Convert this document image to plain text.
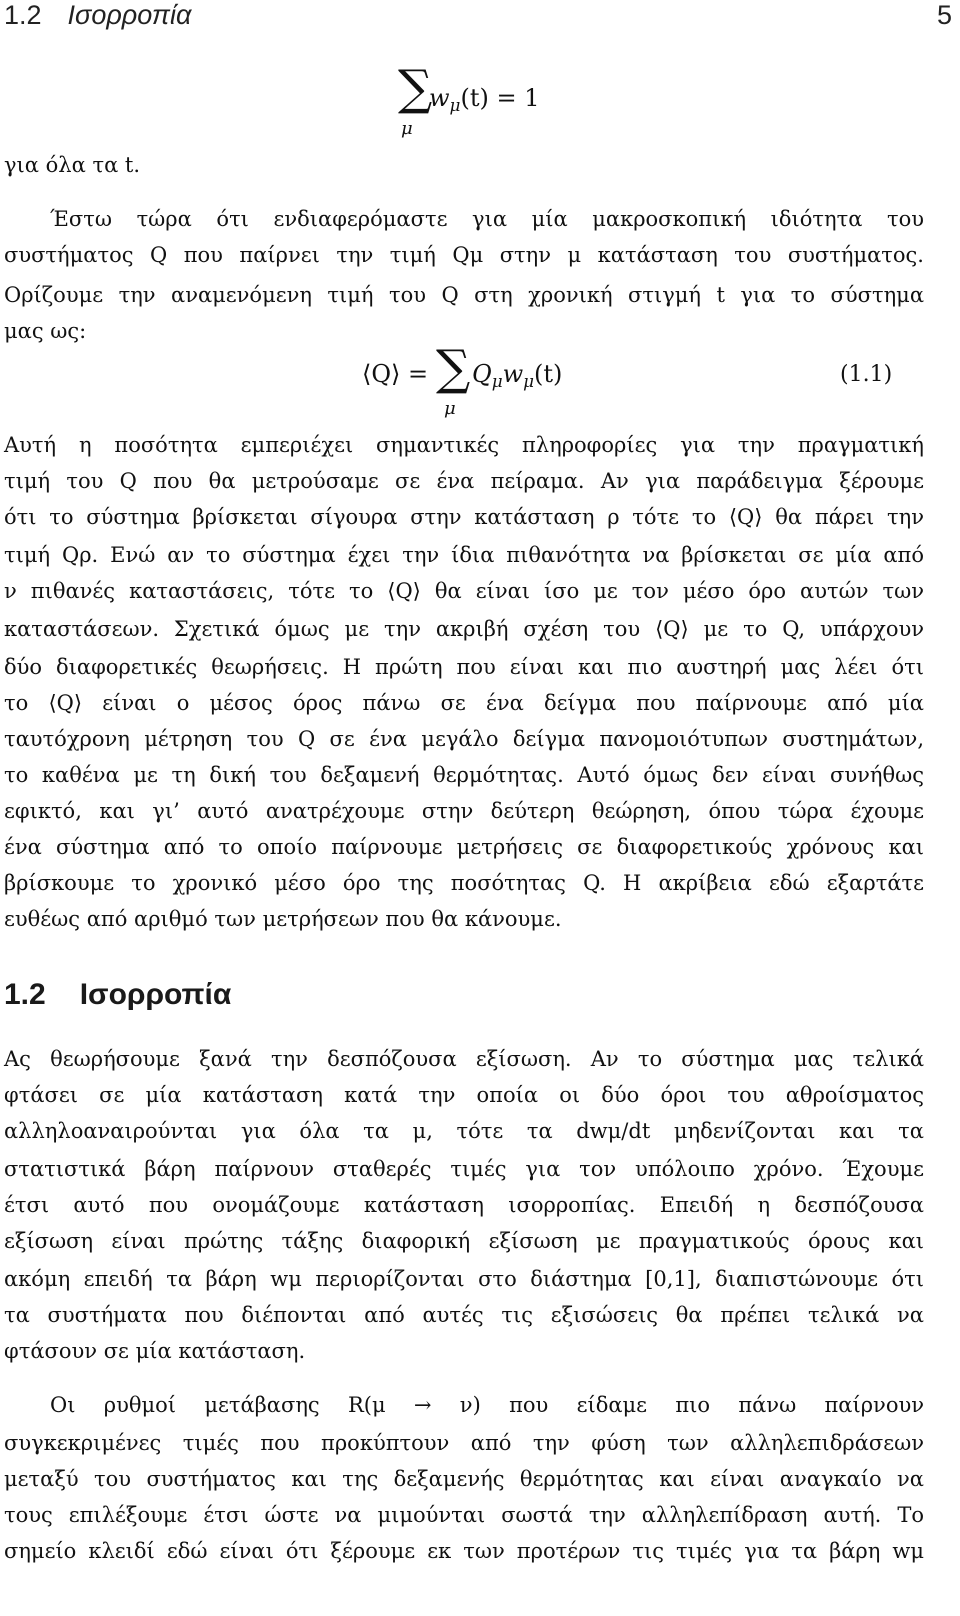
1.2 Ισορροπία	5
∑
μ
$w_\mu(t) = 1$
για όλα τα t.
Έστω τώρα ότι ενδιαφερόμαστε για μία μακροσκοπική ιδιότητα του
συστήματος Q που παίρνει την τιμή Qμ στην μ κατάσταση του συστήματος.
Ορίζουμε την αναμενόμενη τιμή του Q στη χρονική στιγμή t για το σύστημα
μας ως:
⟨Q⟩ = ∑
μ
$Q_\mu w_\mu(t)$	(1.1)
Αυτή η ποσότητα εμπεριέχει σημαντικές πληροφορίες για την πραγματική
τιμή του Q που θα μετρούσαμε σε ένα πείραμα. Αν για παράδειγμα ξέρουμε
ότι το σύστημα βρίσκεται σίγουρα στην κατάσταση ρ τότε το ⟨Q⟩ θα πάρει την
τιμή Qρ. Ενώ αν το σύστημα έχει την ίδια πιθανότητα να βρίσκεται σε μία από
ν πιθανές καταστάσεις, τότε το ⟨Q⟩ θα είναι ίσο με τον μέσο όρο αυτών των
καταστάσεων. Σχετικά όμως με την ακριβή σχέση του ⟨Q⟩ με το Q, υπάρχουν
δύο διαφορετικές θεωρήσεις. Η πρώτη που είναι και πιο αυστηρή μας λέει ότι
το ⟨Q⟩ είναι ο μέσος όρος πάνω σε ένα δείγμα που παίρνουμε από μία
ταυτόχρονη μέτρηση του Q σε ένα μεγάλο δείγμα πανομοιότυπων συστημάτων,
το καθένα με τη δική του δεξαμενή θερμότητας. Αυτό όμως δεν είναι συνήθως
εφικτό, και γι’ αυτό ανατρέχουμε στην δεύτερη θεώρηση, όπου τώρα έχουμε
ένα σύστημα από το οποίο παίρνουμε μετρήσεις σε διαφορετικούς χρόνους και
βρίσκουμε το χρονικό μέσο όρο της ποσότητας Q. Η ακρίβεια εδώ εξαρτάτε
ευθέως από αριθμό των μετρήσεων που θα κάνουμε.
1.2 Ισορροπία
Ας θεωρήσουμε ξανά την δεσπόζουσα εξίσωση. Αν το σύστημα μας τελικά
φτάσει σε μία κατάσταση κατά την οποία οι δύο όροι του αθροίσματος
αλληλοαναιρούνται για όλα τα μ, τότε τα dwμ/dt μηδενίζονται και τα
στατιστικά βάρη παίρνουν σταθερές τιμές για τον υπόλοιπο χρόνο. Έχουμε
έτσι αυτό που ονομάζουμε κατάσταση ισορροπίας. Επειδή η δεσπόζουσα
εξίσωση είναι πρώτης τάξης διαφορική εξίσωση με πραγματικούς όρους και
ακόμη επειδή τα βάρη wμ περιορίζονται στο διάστημα [0,1], διαπιστώνουμε ότι
τα συστήματα που διέπονται από αυτές τις εξισώσεις θα πρέπει τελικά να
φτάσουν σε μία κατάσταση.
Οι ρυθμοί μετάβασης R(μ → ν) που είδαμε πιο πάνω παίρνουν
συγκεκριμένες τιμές που προκύπτουν από την φύση των αλληλεπιδράσεων
μεταξύ του συστήματος και της δεξαμενής θερμότητας και είναι αναγκαίο να
τους επιλέξουμε έτσι ώστε να μιμούνται σωστά την αλληλεπίδραση αυτή. Το
σημείο κλειδί εδώ είναι ότι ξέρουμε εκ των προτέρων τις τιμές για τα βάρη wμ
